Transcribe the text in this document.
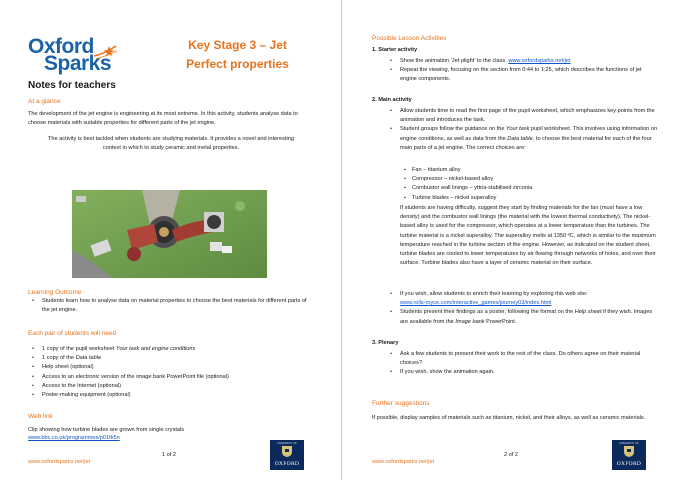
Oxford
Sparks
Key Stage 3 – Jet
Perfect properties
Notes for teachers
At a glance
The development of the jet engine is engineering at its most extreme. In this activity, students analyse data to choose materials with suitable properties for different parts of the jet engine.
The activity is best tackled when students are studying materials. It provides a novel and interesting context in which to study ceramic and metal properties.
Learning Outcome
• Students learn how to analyse data on material properties to choose the best materials for different parts of the jet engine.
Each pair of students will need
• 1 copy of the pupil worksheet Your task and engine conditions
• 1 copy of the Data table
• Help sheet (optional)
• Access to an electronic version of the image bank PowerPoint file (optional)
• Access to the Internet (optional)
• Poster-making equipment (optional)
Web link
Clip showing how turbine blades are grown from single crystals
www.bbc.co.uk/programmes/p01fk5n
1 of 2
www.oxfordsparks.net/jet
UNIVERSITY OF
OXFORD
Possible Lesson Activities
1. Starter activity
• Show the animation ‘Jet plight’ to the class. www.oxfordsparks.net/jet
• Repeat the viewing, focusing on the section from 0:44 to 1:25, which describes the functions of jet engine components.
2. Main activity
• Allow students time to read the first page of the pupil worksheet, which emphasizes key points from the animation and introduces the task.
• Student groups follow the guidance on the Your task pupil worksheet. This involves using information on engine conditions, as well as data from the Data table, to choose the best material for each of the four main parts of a jet engine. The correct choices are:
▪ Fan – titanium alloy
▪ Compressor – nickel-based alloy
▪ Combustor wall linings – yttria-stabilised zirconia
▪ Turbine blades – nickel superalloy
If students are having difficulty, suggest they start by finding materials for the fan (must have a low density) and the combustor wall linings (the material with the lowest thermal conductivity). The nickel-based alloy is used for the compressor, which operates at a lower temperature than the turbines. The turbine material is a nickel superalloy. The superalloy melts at 1350 ºC, which is similar to the maximum temperature reached in the turbine section of the engine. However, as indicated on the student sheet, turbine blades are cooled to lower temperatures by air flowing through networks of holes, and over their surface. Turbine blades also have a layer of ceramic material on their surface.
• If you wish, allow students to enrich their learning by exploring this web site:
www.rolls-royce.com/interactive_games/journey03/index.html
• Students present their findings as a poster, following the format on the Help sheet if they wish. Images are available from the Image bank PowerPoint.
3. Plenary
• Ask a few students to present their work to the rest of the class. Do others agree on their material choices?
• If you wish, show the animation again.
Further suggestions
If possible, display samples of materials such as titanium, nickel, and their alloys, as well as ceramic materials.
2 of 2
www.oxfordsparks.net/jet
UNIVERSITY OF
OXFORD
